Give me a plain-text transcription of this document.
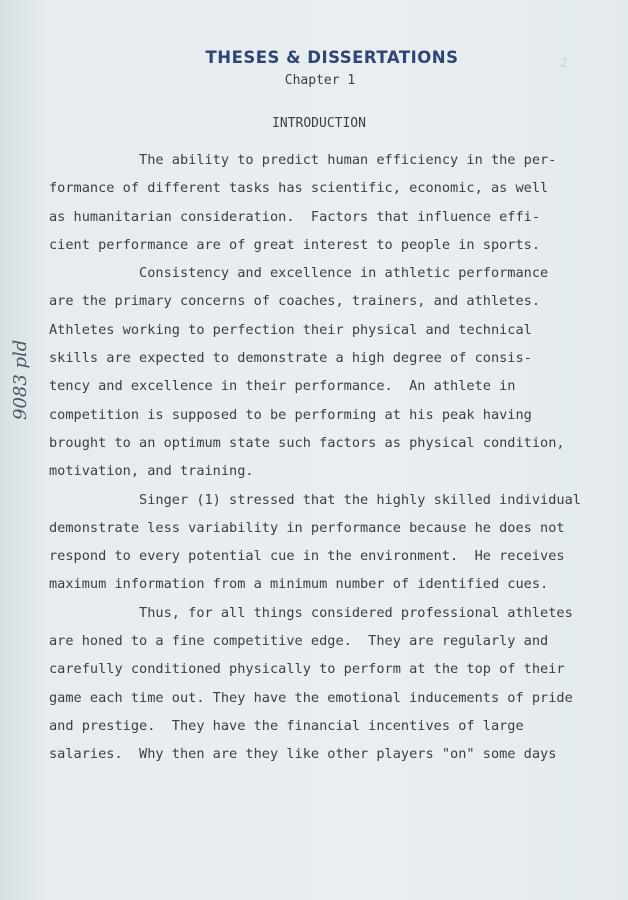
2
THESES & DISSERTATIONS
Chapter 1
INTRODUCTION
9083 pld
The ability to predict human efficiency in the per-
formance of different tasks has scientific, economic, as well
as humanitarian consideration.  Factors that influence effi-
cient performance are of great interest to people in sports.
Consistency and excellence in athletic performance
are the primary concerns of coaches, trainers, and athletes.
Athletes working to perfection their physical and technical
skills are expected to demonstrate a high degree of consis-
tency and excellence in their performance.  An athlete in
competition is supposed to be performing at his peak having
brought to an optimum state such factors as physical condition,
motivation, and training.
Singer (1) stressed that the highly skilled individual
demonstrate less variability in performance because he does not
respond to every potential cue in the environment.  He receives
maximum information from a minimum number of identified cues.
Thus, for all things considered professional athletes
are honed to a fine competitive edge.  They are regularly and
carefully conditioned physically to perform at the top of their
game each time out. They have the emotional inducements of pride
and prestige.  They have the financial incentives of large
salaries.  Why then are they like other players "on" some days
